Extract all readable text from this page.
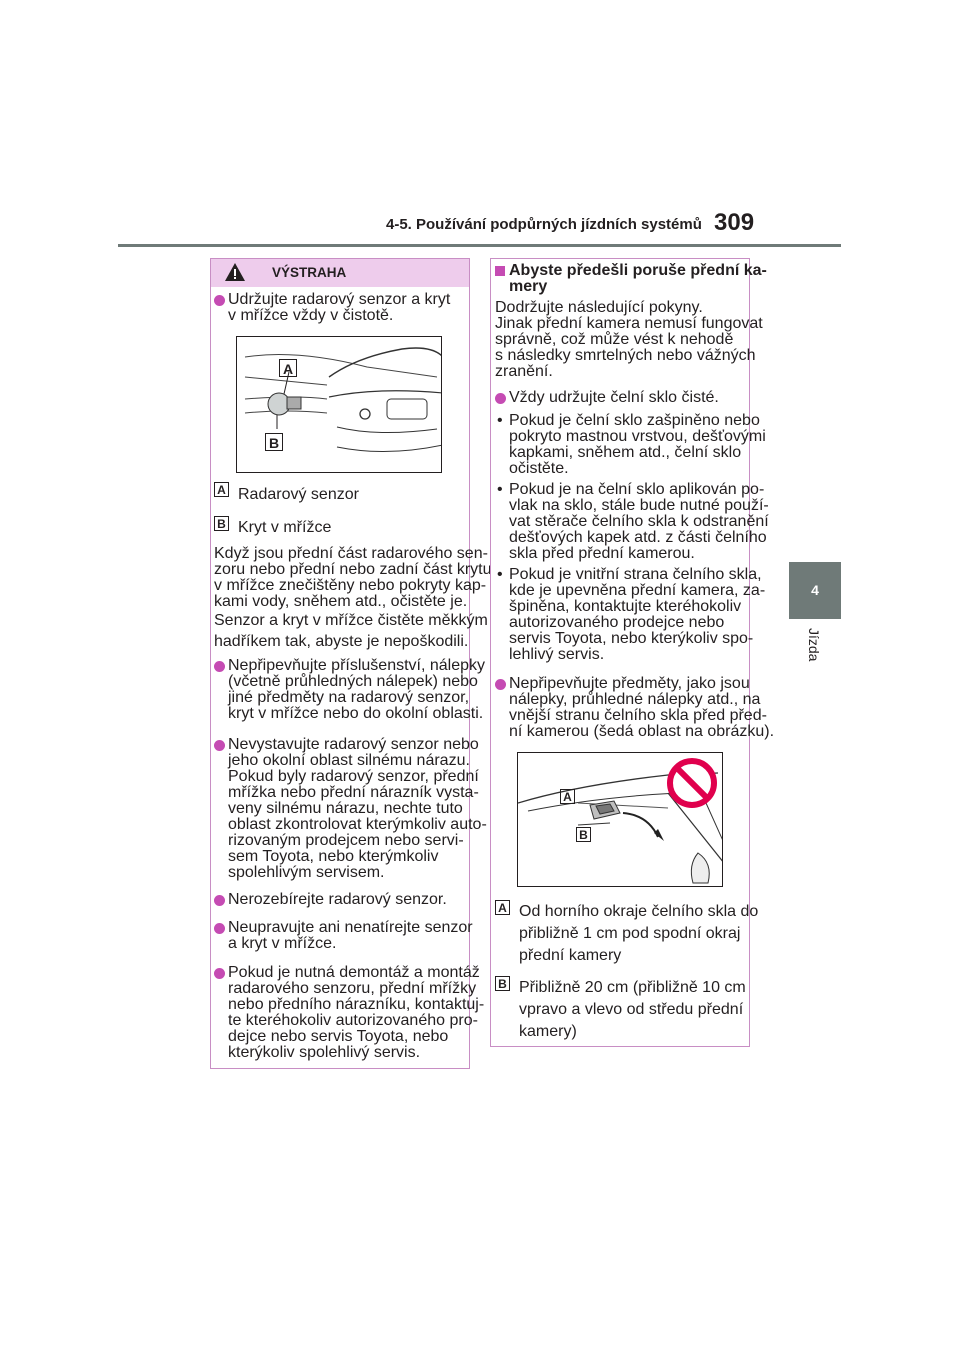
4-5. Používání podpůrných jízdních systémů 309
4
Jízda
VÝSTRAHA

Udržujte radarový senzor a kryt

v mřížce vždy v čistotě.

A
B
A Radarový senzor

B Kryt v mřížce

Když jsou přední část radarového sen-

zoru nebo přední nebo zadní část krytu

v mřížce znečištěny nebo pokryty kap-

kami vody, sněhem atd., očistěte je.

Senzor a kryt v mřížce čistěte měkkým

hadříkem tak, abyste je nepoškodili.

Nepřipevňujte příslušenství, nálepky

(včetně průhledných nálepek) nebo

jiné předměty na radarový senzor,

kryt v mřížce nebo do okolní oblasti.

Nevystavujte radarový senzor nebo

jeho okolní oblast silnému nárazu.

Pokud byly radarový senzor, přední

mřížka nebo přední nárazník vysta-

veny silnému nárazu, nechte tuto

oblast zkontrolovat kterýmkoliv auto-

rizovaným prodejcem nebo servi-

sem Toyota, nebo kterýmkoliv

spolehlivým servisem.

Nerozebírejte radarový senzor.

Neupravujte ani nenatírejte senzor

a kryt v mřížce.

Pokud je nutná demontáž a montáž

radarového senzoru, přední mřížky

nebo předního nárazníku, kontaktuj-

te kteréhokoliv autorizovaného pro-

dejce nebo servis Toyota, nebo

kterýkoliv spolehlivý servis.

Abyste předešli poruše přední ka-

mery

Dodržujte následující pokyny.

Jinak přední kamera nemusí fungovat

správně, což může vést k nehodě

s následky smrtelných nebo vážných

zranění.

Vždy udržujte čelní sklo čisté.

• Pokud je čelní sklo zašpiněno nebo

pokryto mastnou vrstvou, dešťovými

kapkami, sněhem atd., čelní sklo

očistěte.

• Pokud je na čelní sklo aplikován po-

vlak na sklo, stále bude nutné použí-

vat stěrače čelního skla k odstranění

dešťových kapek atd. z části čelního

skla před přední kamerou.

• Pokud je vnitřní strana čelního skla,

kde je upevněna přední kamera, za-

špiněna, kontaktujte kteréhokoliv

autorizovaného prodejce nebo

servis Toyota, nebo kterýkoliv spo-

lehlivý servis.

Nepřipevňujte předměty, jako jsou

nálepky, průhledné nálepky atd., na

vnější stranu čelního skla před před-

ní kamerou (šedá oblast na obrázku).

A
B
A Od horního okraje čelního skla do

přibližně 1 cm pod spodní okraj

přední kamery

B Přibližně 20 cm (přibližně 10 cm

vpravo a vlevo od středu přední

kamery)
